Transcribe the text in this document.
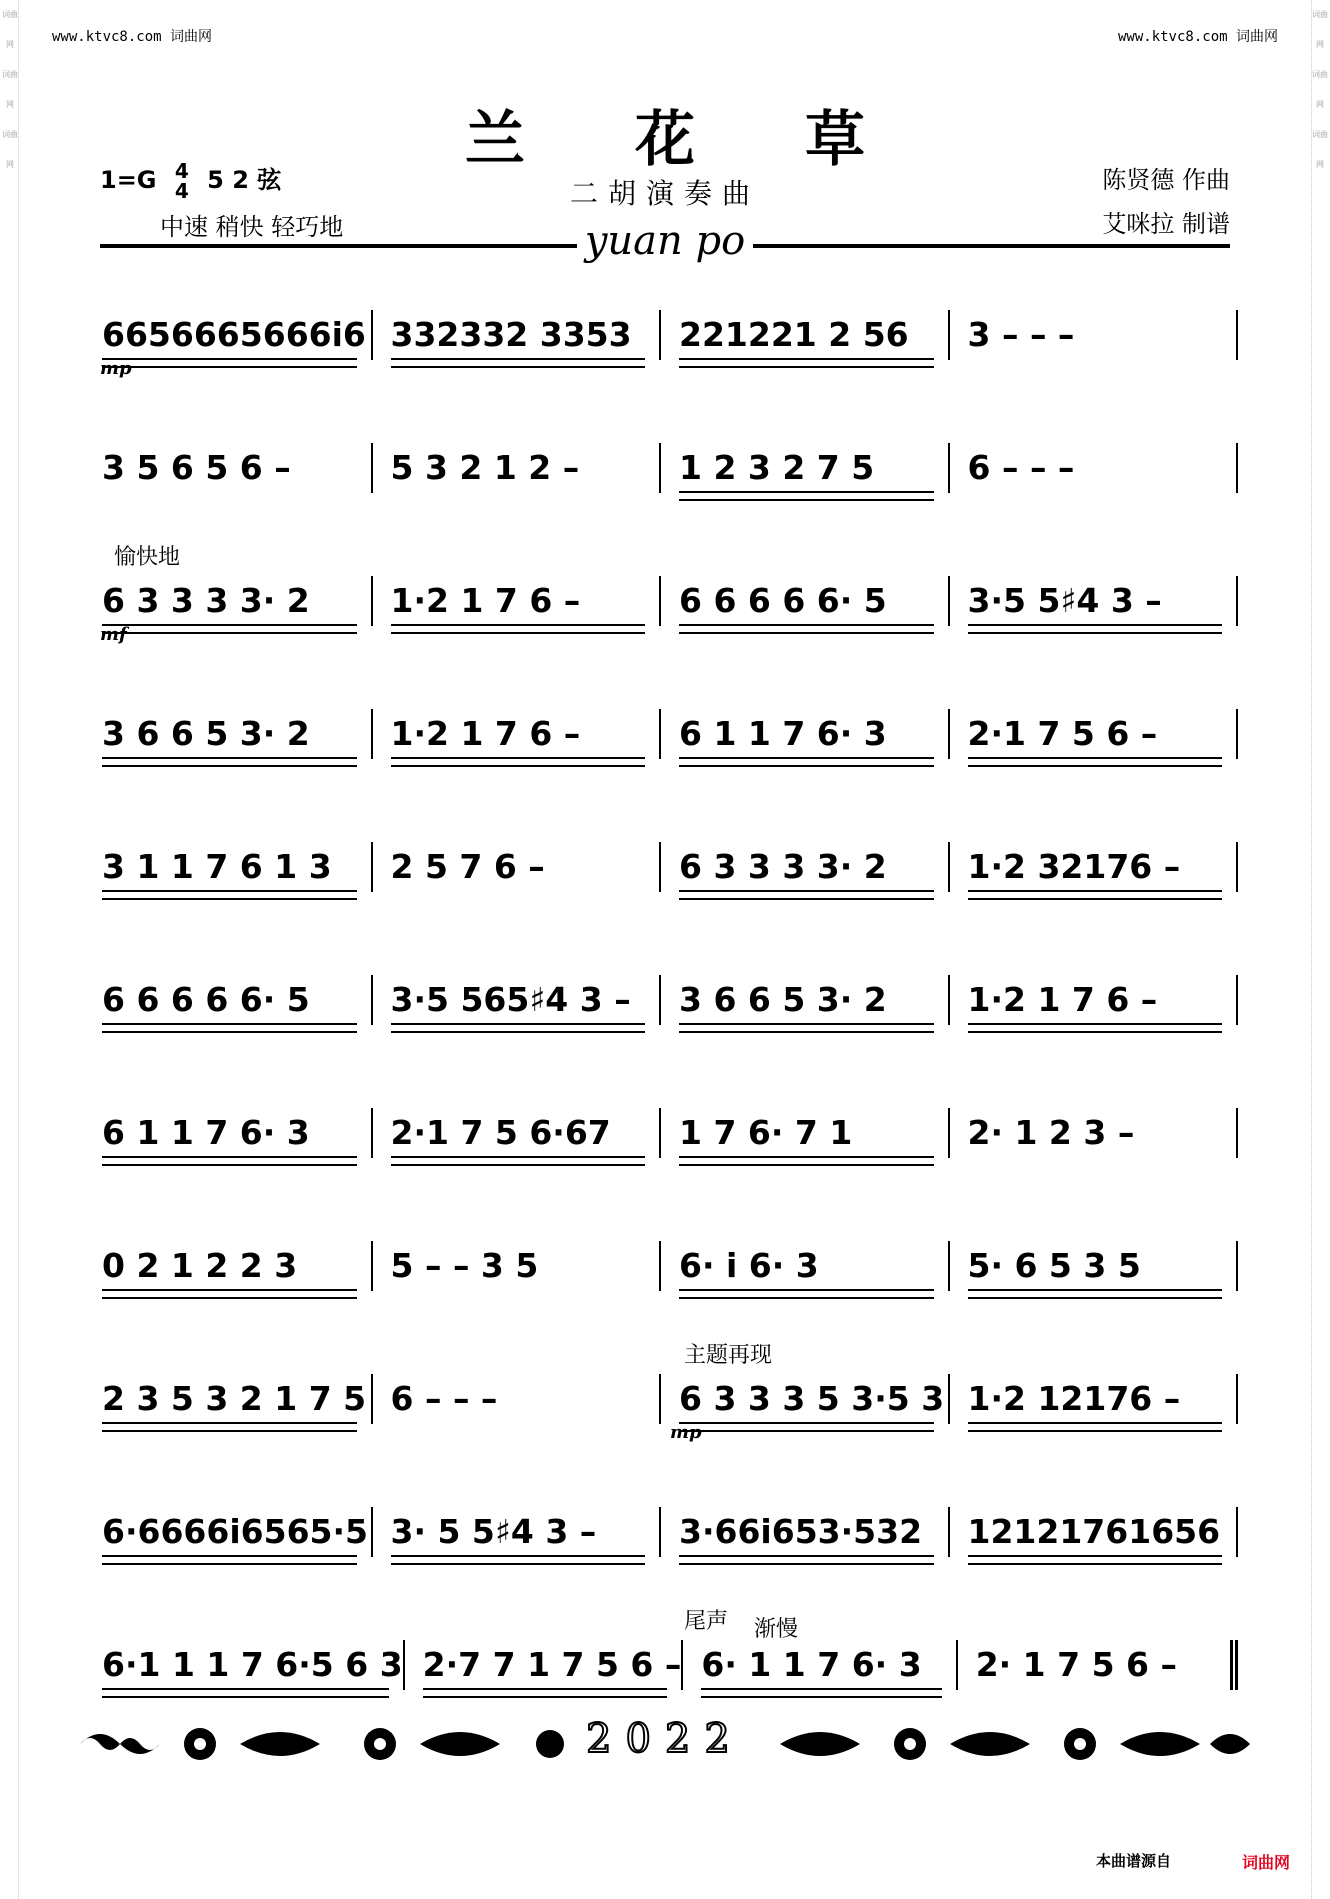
词曲网
词曲网
词曲网
词曲网
词曲网
词曲网
www.ktvc8.com 词曲网	www.ktvc8.com 词曲网
兰花草
1=G 4
4 5 2 弦
中速 稍快 轻巧地
二胡演奏曲	陈贤德 作曲
艾咪拉 制谱
yuan po
mp
6656665666i6 332332 3353	221221 2 56	3 – – –
3 5 6 5 6 –	5 3 2 1 2 –	1 2 3 2 7 5	6 – – –
愉快地
mf
6 3 3 3 3· 2	1·2 1 7 6 –	6 6 6 6 6· 5	3·5 5♯4 3 –
3 6 6 5 3· 2	1·2 1 7 6 –	6 1 1 7 6· 3	2·1 7 5 6 –
3 1 1 7 6 1 3	2 5 7 6 –	6 3 3 3 3· 2	1·2 32176 –
6 6 6 6 6· 5	3·5 565♯4 3 –	3 6 6 5 3· 2	1·2 1 7 6 –
6 1 1 7 6· 3	2·1 7 5 6·67	1 7 6· 7 1	2· 1 2 3 –
0 2 1 2 2 3	5 – – 3 5	6· i 6· 3	5· 6 5 3 5
主题再现
mp
2 3 5 3 2 1 7 5 6 – – –	6 3 3 3 5 3·5 3 1·2 12176 –
6·6666i6565·5 3· 5 5♯4 3 –	3·66i653·532	12121761656
尾声 渐慢
6·1 1 1 7 6·5 6 3 2·7 7 1 7 5 6 – 6· 1 1 7 6· 3	2· 1 7 5 6 –
2022
本曲谱源自	词曲网
